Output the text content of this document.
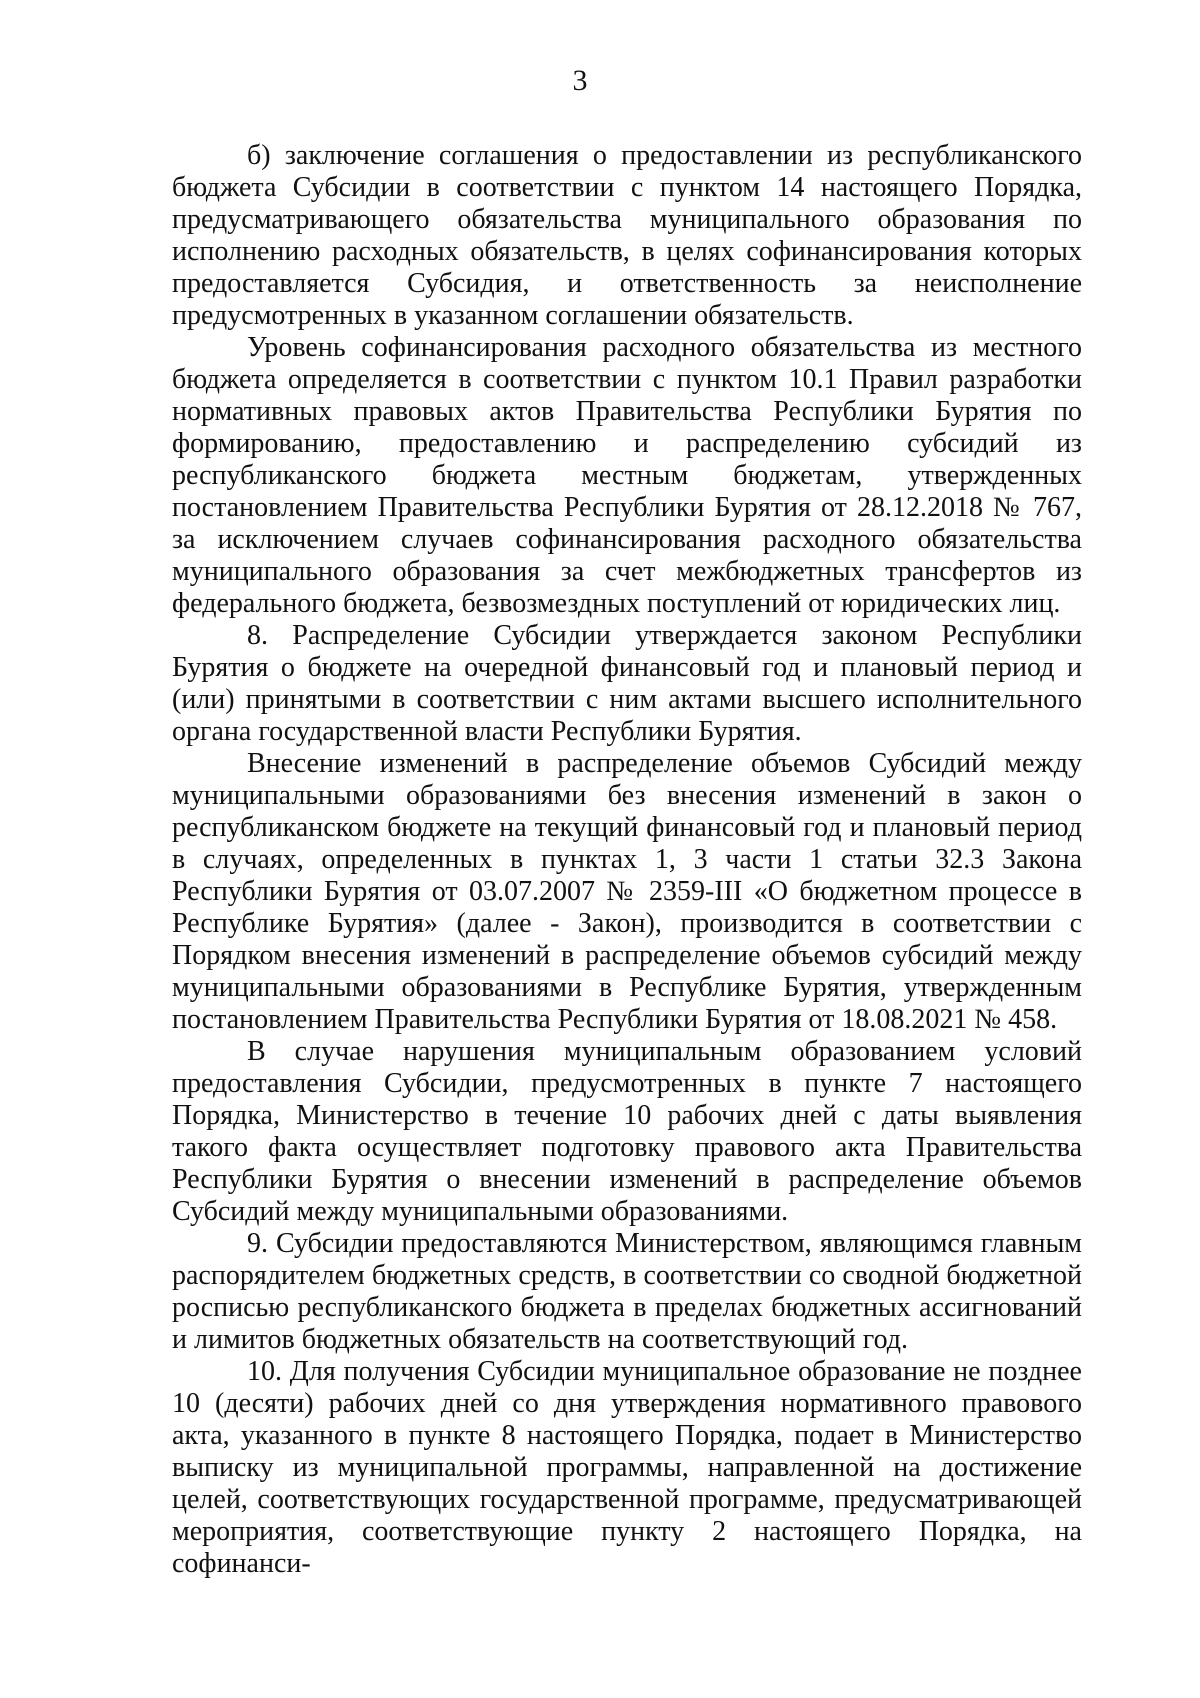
3

б) заключение соглашения о предоставлении из республиканского бюджета Субсидии в соответствии с пунктом 14 настоящего Порядка, предусматривающего обязательства муниципального образования по исполнению расходных обязательств, в целях софинансирования которых предоставляется Субсидия, и ответственность за неисполнение предусмотренных в указанном соглашении обязательств.

Уровень софинансирования расходного обязательства из местного бюджета определяется в соответствии с пунктом 10.1 Правил разработки нормативных правовых актов Правительства Республики Бурятия по формированию, предоставлению и распределению субсидий из республиканского бюджета местным бюджетам, утвержденных постановлением Правительства Республики Бурятия от 28.12.2018 № 767, за исключением случаев софинансирования расходного обязательства муниципального образования за счет межбюджетных трансфертов из федерального бюджета, безвозмездных поступлений от юридических лиц.

8. Распределение Субсидии утверждается законом Республики Бурятия о бюджете на очередной финансовый год и плановый период и (или) принятыми в соответствии с ним актами высшего исполнительного органа государственной власти Республики Бурятия.

Внесение изменений в распределение объемов Субсидий между муниципальными образованиями без внесения изменений в закон о республиканском бюджете на текущий финансовый год и плановый период в случаях, определенных в пунктах 1, 3 части 1 статьи 32.3 Закона Республики Бурятия от 03.07.2007 № 2359-III «О бюджетном процессе в Республике Бурятия» (далее - Закон), производится в соответствии с Порядком внесения изменений в распределение объемов субсидий между муниципальными образованиями в Республике Бурятия, утвержденным постановлением Правительства Республики Бурятия от 18.08.2021 № 458.

В случае нарушения муниципальным образованием условий предоставления Субсидии, предусмотренных в пункте 7 настоящего Порядка, Министерство в течение 10 рабочих дней с даты выявления такого факта осуществляет подготовку правового акта Правительства Республики Бурятия о внесении изменений в распределение объемов Субсидий между муниципальными образованиями.

9. Субсидии предоставляются Министерством, являющимся главным распорядителем бюджетных средств, в соответствии со сводной бюджетной росписью республиканского бюджета в пределах бюджетных ассигнований и лимитов бюджетных обязательств на соответствующий год.

10. Для получения Субсидии муниципальное образование не позднее 10 (десяти) рабочих дней со дня утверждения нормативного правового акта, указанного в пункте 8 настоящего Порядка, подает в Министерство выписку из муниципальной программы, направленной на достижение целей, соответствующих государственной программе, предусматривающей мероприятия, соответствующие пункту 2 настоящего Порядка, на софинанси-
